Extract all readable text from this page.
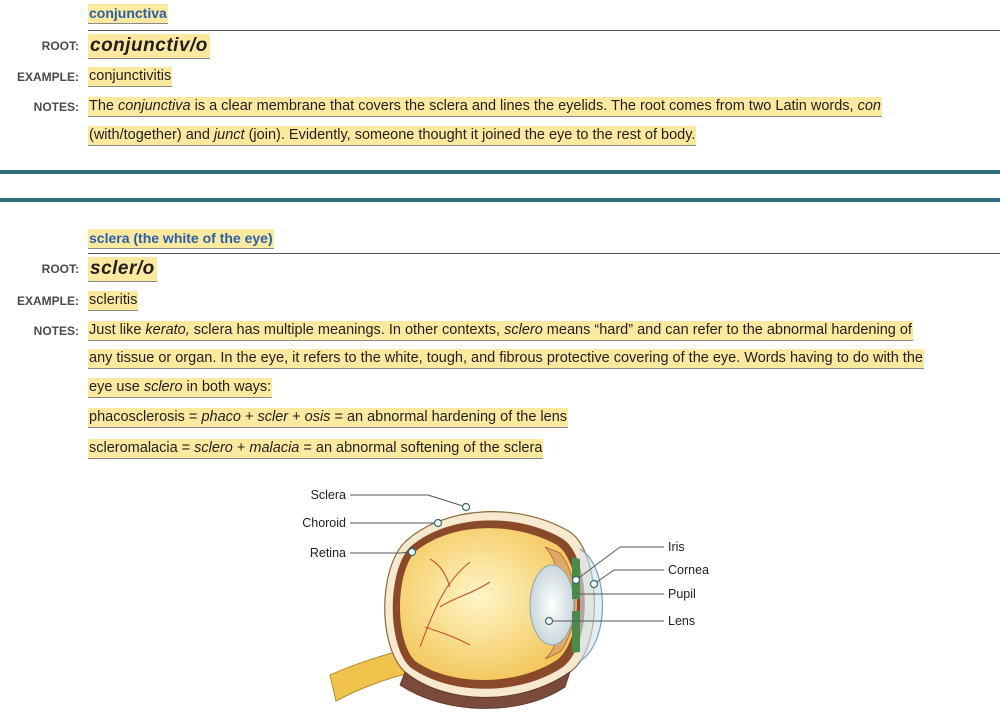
conjunctiva
ROOT: conjunctiv/o
EXAMPLE: conjunctivitis
NOTES: The conjunctiva is a clear membrane that covers the sclera and lines the eyelids. The root comes from two Latin words, con
(with/together) and junct (join). Evidently, someone thought it joined the eye to the rest of body.
sclera (the white of the eye)
ROOT: scler/o
EXAMPLE: scleritis
NOTES: Just like kerato, sclera has multiple meanings. In other contexts, sclero means “hard” and can refer to the abnormal hardening of
any tissue or organ. In the eye, it refers to the white, tough, and fibrous protective covering of the eye. Words having to do with the
eye use sclero in both ways:
phacosclerosis = phaco + scler + osis = an abnormal hardening of the lens
scleromalacia = sclero + malacia = an abnormal softening of the sclera
Sclera
Choroid
Retina	Iris
Cornea
Pupil
Lens
